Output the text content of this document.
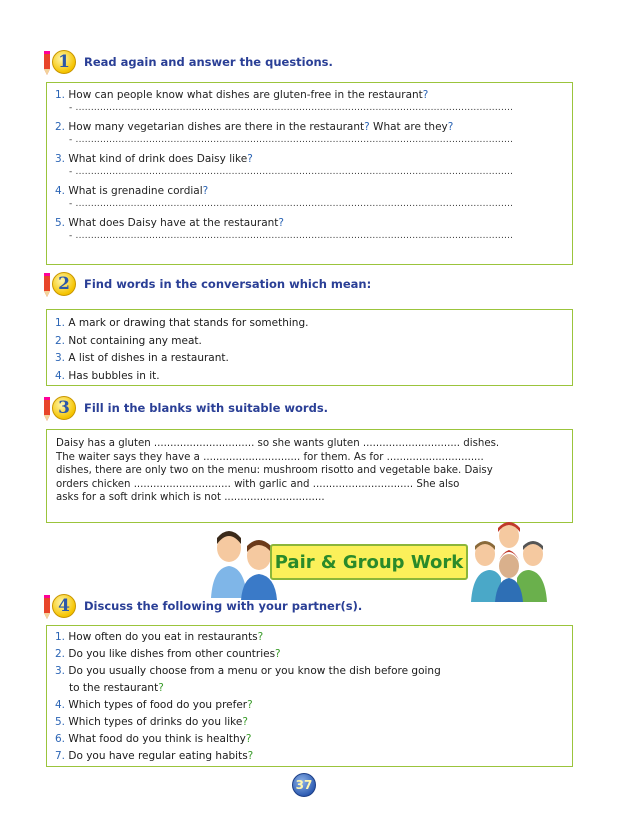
1	Read again and answer the questions.
1. How can people know what dishes are gluten-free in the restaurant?
- ...............................................................................................................................................
2. How many vegetarian dishes are there in the restaurant? What are they?
- ...............................................................................................................................................
3. What kind of drink does Daisy like?
- ...............................................................................................................................................
4. What is grenadine cordial?
- ...............................................................................................................................................
5. What does Daisy have at the restaurant?
- ...............................................................................................................................................
2	Find words in the conversation which mean:
1. A mark or drawing that stands for something.
2. Not containing any meat.
3. A list of dishes in a restaurant.
4. Has bubbles in it.
3	Fill in the blanks with suitable words.
Daisy has a gluten ............................... so she wants gluten .............................. dishes.
The waiter says they have a .............................. for them. As for ..............................
dishes, there are only two on the menu: mushroom risotto and vegetable bake. Daisy
orders chicken .............................. with garlic and ............................... She also
asks for a soft drink which is not ...............................
Pair & Group Work
4	Discuss the following with your partner(s).
1. How often do you eat in restaurants?
2. Do you like dishes from other countries?
3. Do you usually choose from a menu or you know the dish before going
to the restaurant?
4. Which types of food do you prefer?
5. Which types of drinks do you like?
6. What food do you think is healthy?
7. Do you have regular eating habits?
37
